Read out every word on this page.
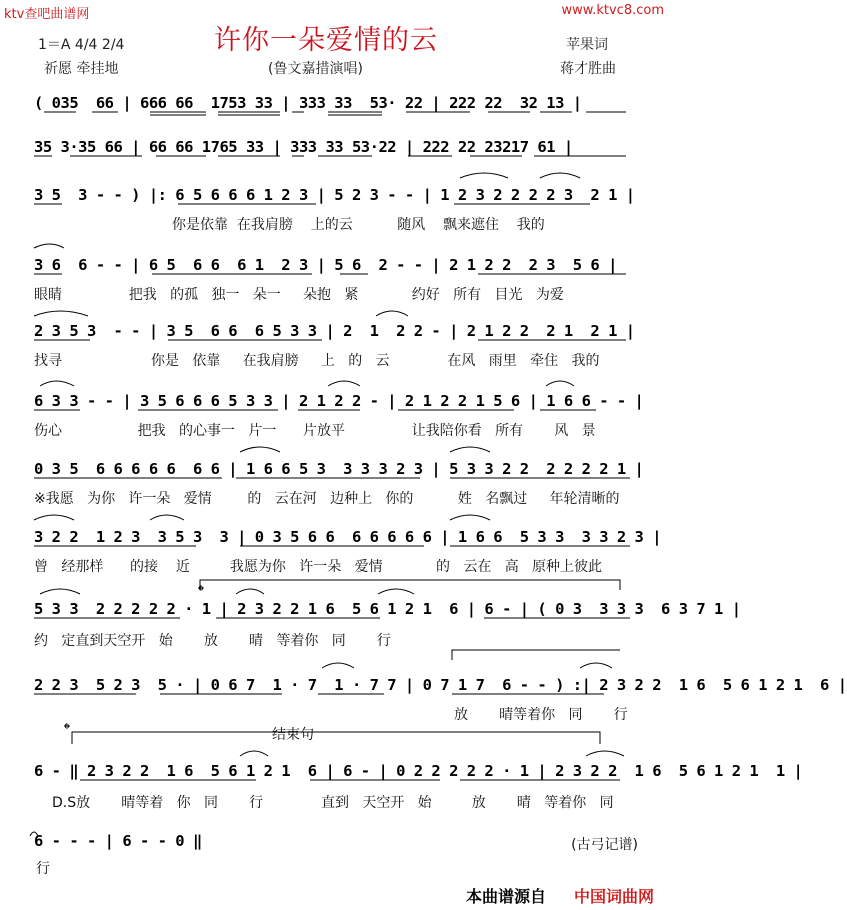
ktv查吧曲谱网	www.ktvc8.com
许你一朵爱情的云
1＝A 4/4 2/4
祈愿 牵挂地	(鲁文嘉措演唱)
苹果词
蒋才胜曲
( 035  66 | 666 66  1753 33 | 333 33  53· 22 | 222 22  32 13 |
35 3·35 66 | 66 66 1765 33 | 333 33 53·22 | 222 22 23217 61 |
3 5  3 - - ) |: 6 5 6 6 6 1 2 3 | 5 2 3 - - | 1 2 3 2 2 2 2 3  2 1 |
你是依靠  在我肩膀    上的云          随风    飘来遮住    我的
3 6  6 - - | 6 5  6 6  6 1  2 3 | 5 6  2 - - | 2 1 2 2  2 3  5 6 |
眼睛               把我   的孤   独一   朵一     朵抱   紧            约好   所有   目光   为爱
2 3 5 3  - - | 3 5  6 6  6 5 3 3 | 2  1  2 2 - | 2 1 2 2  2 1  2 1 |
找寻                    你是   依靠     在我肩膀     上   的   云             在风   雨里   牵住   我的
6 3 3 - - | 3 5 6 6 6 5 3 3 | 2 1 2 2 - | 2 1 2 2 1 5 6 | 1 6 6 - - |
伤心                 把我   的心事一   片一      片放平               让我陪你看   所有       风   景
0 3 5  6 6 6 6 6  6 6 | 1 6 6 5 3  3 3 3 2 3 | 5 3 3 2 2  2 2 2 2 1 |
※我愿   为你   许一朵   爱情        的   云在河   边种上   你的          姓   名飘过     年轮清晰的
3 2 2  1 2 3  3 5 3  3 | 0 3 5 6 6  6 6 6 6 6 | 1 6 6  5 3 3  3 3 2 3 |
曾   经那样      的接    近         我愿为你   许一朵   爱情            的   云在   高   原种上彼此
5 3 3  2 2 2 2 2 · 1 | 2 3 2 2 1 6  5 6 1 2 1  6 | 6 - | ( 0 3  3 3 3  6 3 7 1 |
约   定直到天空开   始       放       晴   等着你   同       行
2 2 3  5 2 3  5 · | 0 6 7  1 · 7  1 · 7 7 | 0 7 1 7  6 - - ) :| 2 3 2 2  1 6  5 6 1 2 1  6 |
放       晴等着你   同       行
结束句
6 - ‖ 2 3 2 2  1 6  5 6 1 2 1  6 | 6 - | 0 2 2 2 2 2 · 1 | 2 3 2 2  1 6  5 6 1 2 1  1 |
D.S放       晴等着   你   同       行             直到   天空开   始         放       晴   等着你   同
6 - - - | 6 - - 0 ‖
行
𝄌
𝄌
(古弓记谱)
本曲谱源自 中国词曲网
